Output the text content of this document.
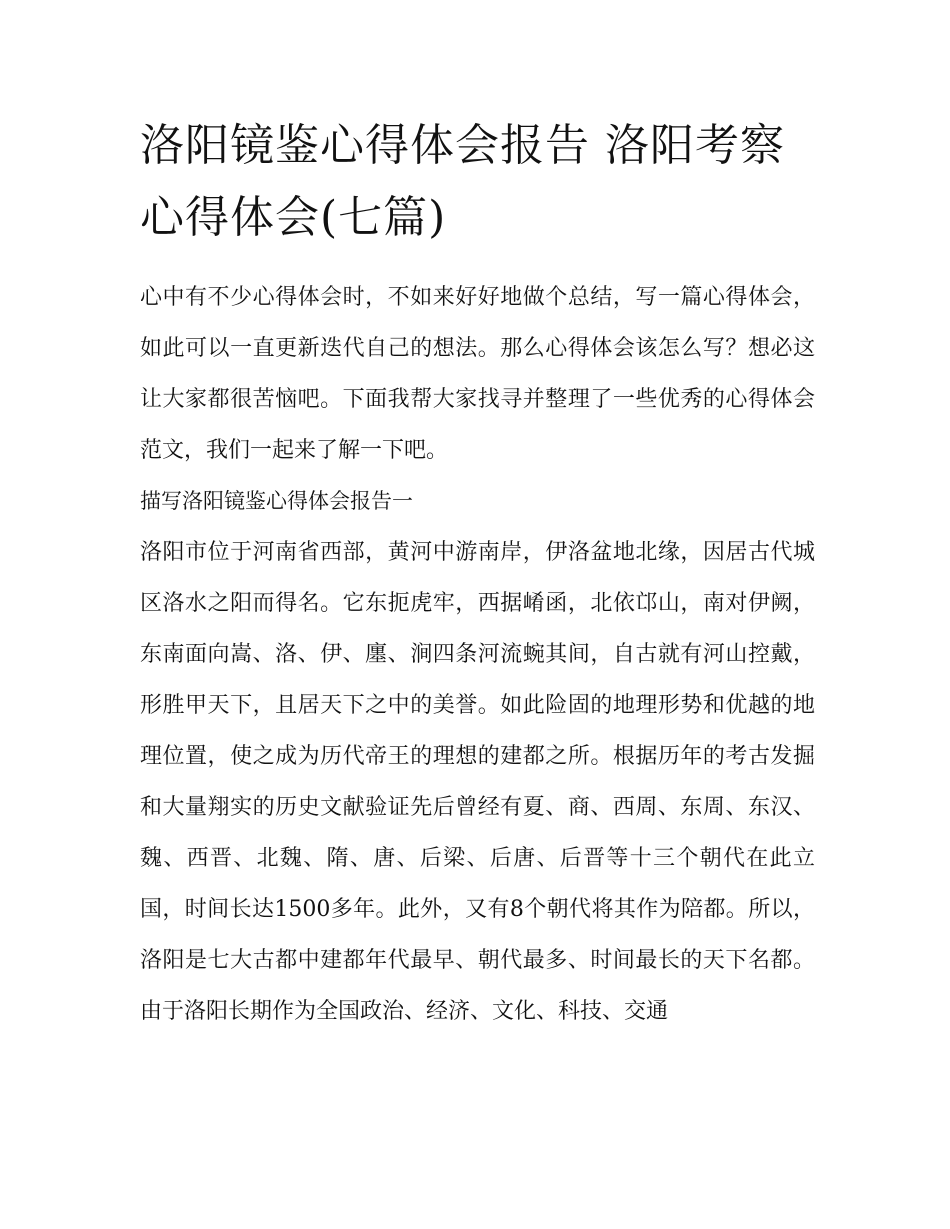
洛阳镜鉴心得体会报告 洛阳考察心得体会(七篇)

心中有不少心得体会时，不如来好好地做个总结，写一篇心得体会，如此可以一直更新迭代自己的想法。那么心得体会该怎么写？想必这让大家都很苦恼吧。下面我帮大家找寻并整理了一些优秀的心得体会范文，我们一起来了解一下吧。

描写洛阳镜鉴心得体会报告一

洛阳市位于河南省西部，黄河中游南岸，伊洛盆地北缘，因居古代城区洛水之阳而得名。它东扼虎牢，西据崤函，北依邙山，南对伊阙，东南面向嵩、洛、伊、廛、涧四条河流蜿其间，自古就有河山控戴，形胜甲天下，且居天下之中的美誉。如此险固的地理形势和优越的地理位置，使之成为历代帝王的理想的建都之所。根据历年的考古发掘和大量翔实的历史文献验证先后曾经有夏、商、西周、东周、东汉、魏、西晋、北魏、隋、唐、后梁、后唐、后晋等十三个朝代在此立国，时间长达1500多年。此外，又有8个朝代将其作为陪都。所以，洛阳是七大古都中建都年代最早、朝代最多、时间最长的天下名都。由于洛阳长期作为全国政治、经济、文化、科技、交通
